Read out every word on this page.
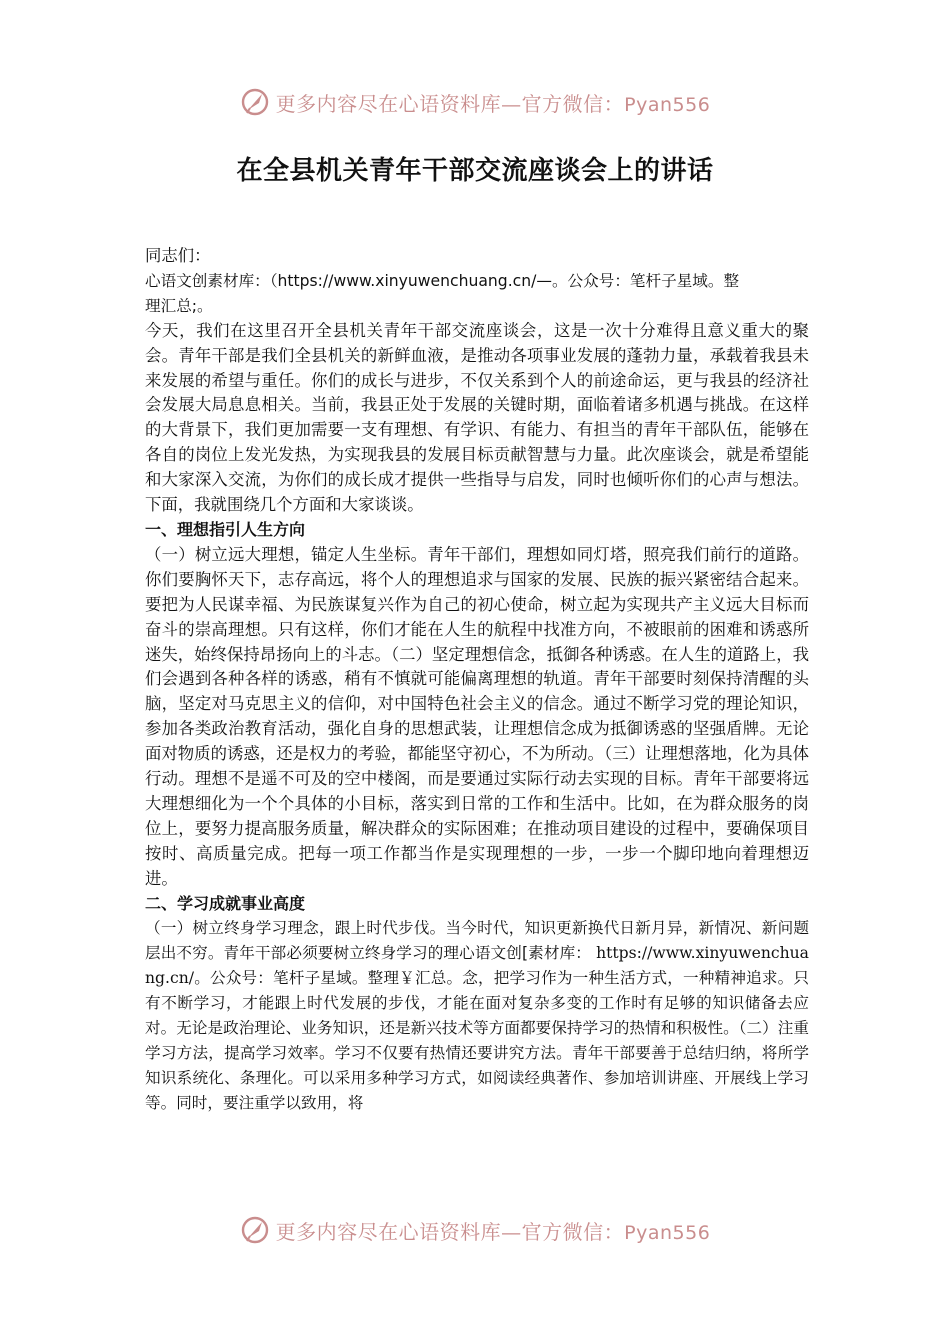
更多内容尽在心语资料库—官方微信：Pyan556
在全县机关青年干部交流座谈会上的讲话

同志们：

心语文创素材库：（https://www.xinyuwenchuang.cn/—。公众号：笔杆子星域。整

理汇总;。

今天，我们在这里召开全县机关青年干部交流座谈会，这是一次十分难得且意义重大的聚会。青年干部是我们全县机关的新鲜血液，是推动各项事业发展的蓬勃力量，承载着我县未来发展的希望与重任。你们的成长与进步，不仅关系到个人的前途命运，更与我县的经济社会发展大局息息相关。当前，我县正处于发展的关键时期，面临着诸多机遇与挑战。在这样的大背景下，我们更加需要一支有理想、有学识、有能力、有担当的青年干部队伍，能够在各自的岗位上发光发热，为实现我县的发展目标贡献智慧与力量。此次座谈会，就是希望能和大家深入交流，为你们的成长成才提供一些指导与启发，同时也倾听你们的心声与想法。下面，我就围绕几个方面和大家谈谈。

一、理想指引人生方向

（一）树立远大理想，锚定人生坐标。青年干部们，理想如同灯塔，照亮我们前行的道路。你们要胸怀天下，志存高远，将个人的理想追求与国家的发展、民族的振兴紧密结合起来。要把为人民谋幸福、为民族谋复兴作为自己的初心使命，树立起为实现共产主义远大目标而奋斗的崇高理想。只有这样，你们才能在人生的航程中找准方向，不被眼前的困难和诱惑所迷失，始终保持昂扬向上的斗志。（二）坚定理想信念，抵御各种诱惑。在人生的道路上，我们会遇到各种各样的诱惑，稍有不慎就可能偏离理想的轨道。青年干部要时刻保持清醒的头脑，坚定对马克思主义的信仰，对中国特色社会主义的信念。通过不断学习党的理论知识，参加各类政治教育活动，强化自身的思想武装，让理想信念成为抵御诱惑的坚强盾牌。无论面对物质的诱惑，还是权力的考验，都能坚守初心，不为所动。（三）让理想落地，化为具体行动。理想不是遥不可及的空中楼阁，而是要通过实际行动去实现的目标。青年干部要将远大理想细化为一个个具体的小目标，落实到日常的工作和生活中。比如，在为群众服务的岗位上，要努力提高服务质量，解决群众的实际困难；在推动项目建设的过程中，要确保项目按时、高质量完成。把每一项工作都当作是实现理想的一步，一步一个脚印地向着理想迈进。

二、学习成就事业高度

（一）树立终身学习理念，跟上时代步伐。当今时代，知识更新换代日新月异，新情况、新问题层出不穷。青年干部必须要树立终身学习的理心语文创[素材库： https://www.xinyuwenchuang.cn/。公众号：笔杆子星域。整理￥汇总。念，把学习作为一种生活方式，一种精神追求。只有不断学习，才能跟上时代发展的步伐，才能在面对复杂多变的工作时有足够的知识储备去应对。无论是政治理论、业务知识，还是新兴技术等方面都要保持学习的热情和积极性。（二）注重学习方法，提高学习效率。学习不仅要有热情还要讲究方法。青年干部要善于总结归纳，将所学知识系统化、条理化。可以采用多种学习方式，如阅读经典著作、参加培训讲座、开展线上学习等。同时，要注重学以致用，将

更多内容尽在心语资料库—官方微信：Pyan556
